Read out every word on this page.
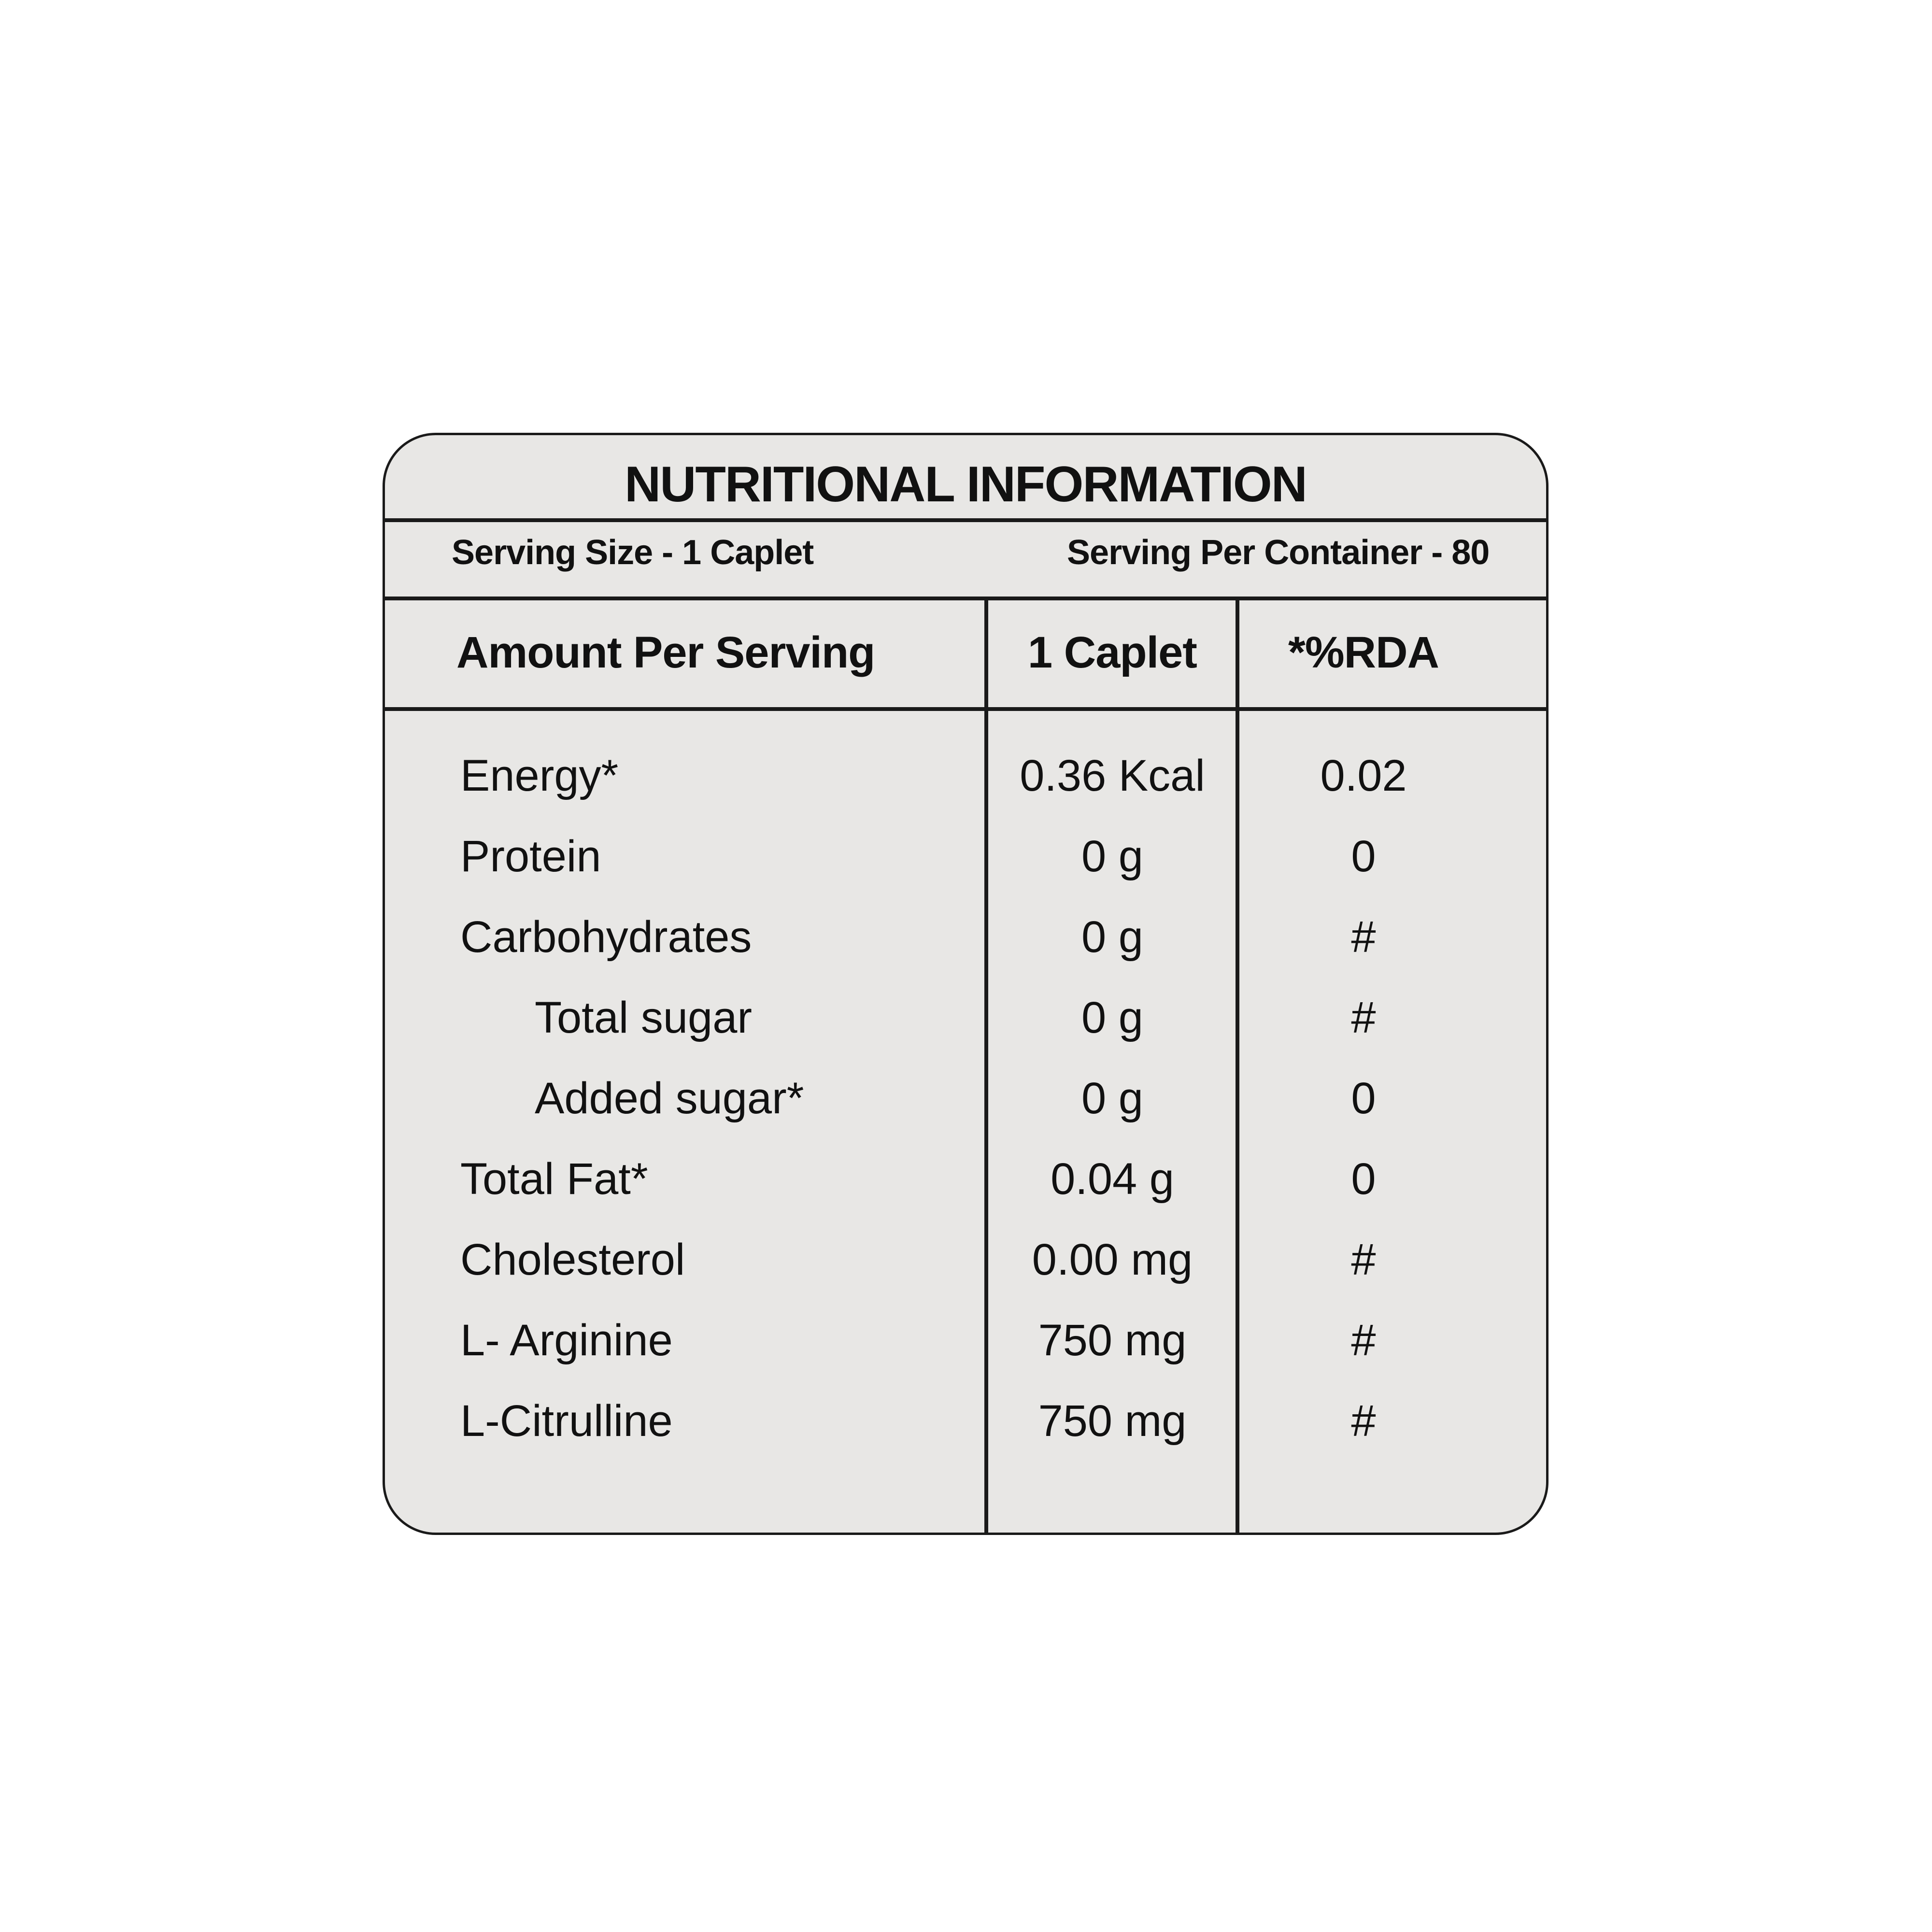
NUTRITIONAL INFORMATION
Serving Size - 1 Caplet	Serving Per Container - 80
Amount Per Serving	1 Caplet	*%RDA
Energy*	0.36 Kcal	0.02
Protein	0 g	0
Carbohydrates	0 g	#
Total sugar	0 g	#
Added sugar*	0 g	0
Total Fat*	0.04 g	0
Cholesterol	0.00 mg	#
L- Arginine	750 mg	#
L-Citrulline	750 mg	#
